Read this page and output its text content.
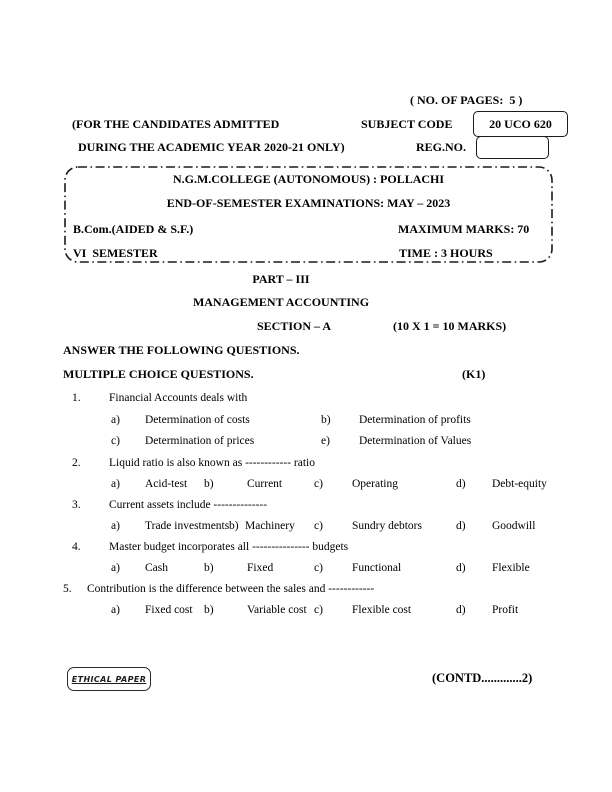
( NO. OF PAGES:  5 )
(FOR THE CANDIDATES ADMITTED	SUBJECT CODE	20 UCO 620
DURING THE ACADEMIC YEAR 2020-21 ONLY)	REG.NO.
N.G.M.COLLEGE (AUTONOMOUS) : POLLACHI
END-OF-SEMESTER EXAMINATIONS: MAY – 2023
B.Com.(AIDED & S.F.)	MAXIMUM MARKS: 70
VI  SEMESTER	TIME : 3 HOURS
PART – III
MANAGEMENT ACCOUNTING
SECTION – A	(10 X 1 = 10 MARKS)
ANSWER THE FOLLOWING QUESTIONS.
MULTIPLE CHOICE QUESTIONS.	(K1)
1. Financial Accounts deals with
a) Determination of costs	b) Determination of profits
c) Determination of prices	e)	Determination of Values
2. Liquid ratio is also known as ------------ ratio
a) Acid-test b)	Current	c)	Operating	d) Debt-equity
3. Current assets include --------------
a) Trade investments b) Machinery c)	Sundry debtors	d) Goodwill
4. Master budget incorporates all --------------- budgets
a) Cash	b)	Fixed	c)	Functional	d) Flexible
5. Contribution is the difference between the sales and ------------
a) Fixed cost b)	Variable cost c)	Flexible cost	d) Profit
ETHICAL PAPER	(CONTD.............2)
